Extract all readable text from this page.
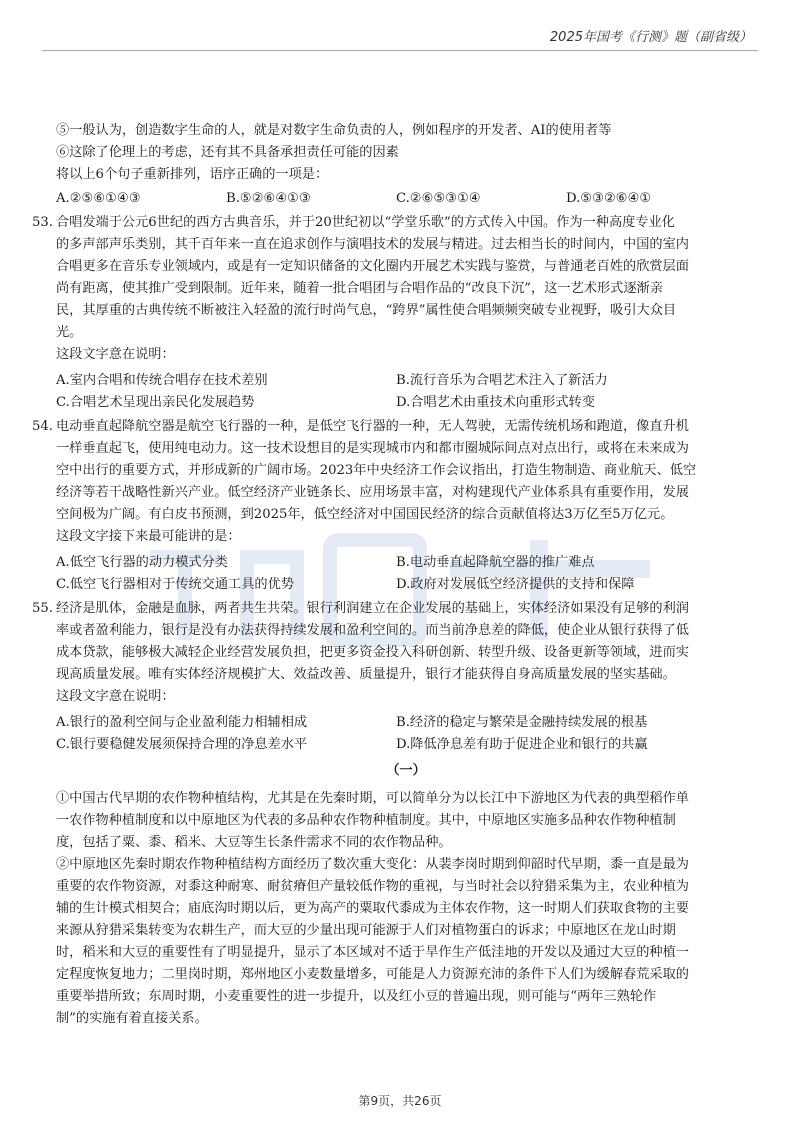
2025年国考《行测》题（副省级）
⑤一般认为，创造数字生命的人，就是对数字生命负责的人，例如程序的开发者、AI的使用者等
⑥这除了伦理上的考虑，还有其不具备承担责任可能的因素
将以上6个句子重新排列，语序正确的一项是：
A.②⑤⑥①④③	B.⑤②⑥④①③	C.②⑥⑤③①④	D.⑤③②⑥④①
53. 合唱发端于公元6世纪的西方古典音乐，并于20世纪初以“学堂乐歌”的方式传入中国。作为一种高度专业化
的多声部声乐类别，其千百年来一直在追求创作与演唱技术的发展与精进。过去相当长的时间内，中国的室内
合唱更多在音乐专业领域内，或是有一定知识储备的文化圈内开展艺术实践与鉴赏，与普通老百姓的欣赏层面
尚有距离，使其推广受到限制。近年来，随着一批合唱团与合唱作品的“改良下沉”，这一艺术形式逐渐亲
民，其厚重的古典传统不断被注入轻盈的流行时尚气息，“跨界”属性使合唱频频突破专业视野，吸引大众目
光。
这段文字意在说明：
A.室内合唱和传统合唱存在技术差别	B.流行音乐为合唱艺术注入了新活力
C.合唱艺术呈现出亲民化发展趋势	D.合唱艺术由重技术向重形式转变
54. 电动垂直起降航空器是航空飞行器的一种，是低空飞行器的一种，无人驾驶，无需传统机场和跑道，像直升机
一样垂直起飞，使用纯电动力。这一技术设想目的是实现城市内和都市圈城际间点对点出行，或将在未来成为
空中出行的重要方式，并形成新的广阔市场。2023年中央经济工作会议指出，打造生物制造、商业航天、低空
经济等若干战略性新兴产业。低空经济产业链条长、应用场景丰富，对构建现代产业体系具有重要作用，发展
空间极为广阔。有白皮书预测，到2025年，低空经济对中国国民经济的综合贡献值将达3万亿至5万亿元。
这段文字接下来最可能讲的是：
A.低空飞行器的动力模式分类	B.电动垂直起降航空器的推广难点
C.低空飞行器相对于传统交通工具的优势	D.政府对发展低空经济提供的支持和保障
55. 经济是肌体，金融是血脉，两者共生共荣。银行利润建立在企业发展的基础上，实体经济如果没有足够的利润
率或者盈利能力，银行是没有办法获得持续发展和盈利空间的。而当前净息差的降低，使企业从银行获得了低
成本贷款，能够极大减轻企业经营发展负担，把更多资金投入科研创新、转型升级、设备更新等领域，进而实
现高质量发展。唯有实体经济规模扩大、效益改善、质量提升，银行才能获得自身高质量发展的坚实基础。
这段文字意在说明：
A.银行的盈利空间与企业盈利能力相辅相成	B.经济的稳定与繁荣是金融持续发展的根基
C.银行要稳健发展须保持合理的净息差水平	D.降低净息差有助于促进企业和银行的共赢
（一）
①中国古代早期的农作物种植结构，尤其是在先秦时期，可以简单分为以长江中下游地区为代表的典型稻作单
一农作物种植制度和以中原地区为代表的多品种农作物种植制度。其中，中原地区实施多品种农作物种植制
度，包括了粟、黍、稻米、大豆等生长条件需求不同的农作物品种。
②中原地区先秦时期农作物种植结构方面经历了数次重大变化：从裴李岗时期到仰韶时代早期，黍一直是最为
重要的农作物资源，对黍这种耐寒、耐贫瘠但产量较低作物的重视，与当时社会以狩猎采集为主，农业种植为
辅的生计模式相契合；庙底沟时期以后，更为高产的粟取代黍成为主体农作物，这一时期人们获取食物的主要
来源从狩猎采集转变为农耕生产，而大豆的少量出现可能源于人们对植物蛋白的诉求；中原地区在龙山时期
时，稻米和大豆的重要性有了明显提升，显示了本区域对不适于旱作生产低洼地的开发以及通过大豆的种植一
定程度恢复地力；二里岗时期，郑州地区小麦数量增多，可能是人力资源充沛的条件下人们为缓解春荒采取的
重要举措所致；东周时期，小麦重要性的进一步提升，以及红小豆的普遍出现，则可能与“两年三熟轮作
制”的实施有着直接关系。
第9页，共26页
